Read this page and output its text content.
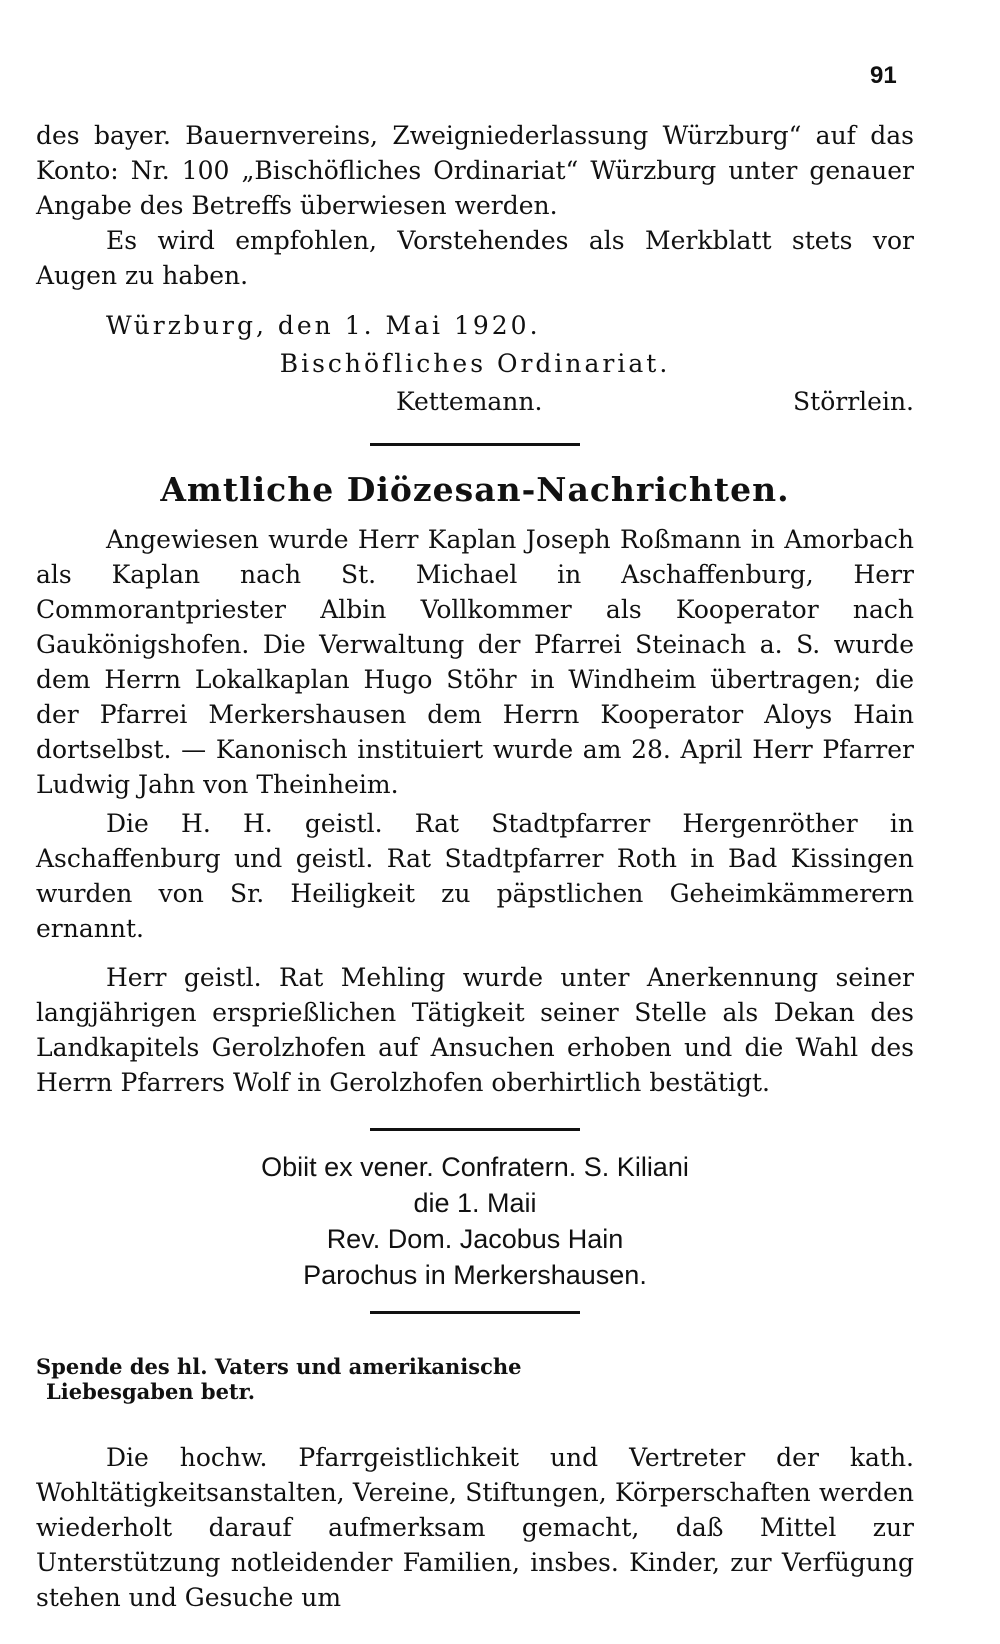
91

des bayer. Bauernvereins, Zweigniederlassung Würzburg“ auf das Konto: Nr. 100 „Bischöfliches Ordinariat“ Würzburg unter genauer Angabe des Betreffs überwiesen werden.

Es wird empfohlen, Vorstehendes als Merkblatt stets vor Augen zu haben.

Würzburg, den 1. Mai 1920.
Bischöfliches Ordinariat.
Kettemann.	Störrlein.
Amtliche Diözesan-Nachrichten.

Angewiesen wurde Herr Kaplan Joseph Roßmann in Amorbach als Kaplan nach St. Michael in Aschaffenburg, Herr Commorantpriester Albin Vollkommer als Kooperator nach Gaukönigshofen. Die Verwaltung der Pfarrei Steinach a. S. wurde dem Herrn Lokalkaplan Hugo Stöhr in Windheim übertragen; die der Pfarrei Merkershausen dem Herrn Kooperator Aloys Hain dortselbst. — Kanonisch instituiert wurde am 28. April Herr Pfarrer Ludwig Jahn von Theinheim.

Die H. H. geistl. Rat Stadtpfarrer Hergenröther in Aschaffenburg und geistl. Rat Stadtpfarrer Roth in Bad Kissingen wurden von Sr. Heiligkeit zu päpstlichen Geheimkämmerern ernannt.

Herr geistl. Rat Mehling wurde unter Anerkennung seiner langjährigen ersprießlichen Tätigkeit seiner Stelle als Dekan des Landkapitels Gerolzhofen auf Ansuchen erhoben und die Wahl des Herrn Pfarrers Wolf in Gerolzhofen oberhirtlich bestätigt.

Obiit ex vener. Confratern. S. Kiliani
die 1. Maii
Rev. Dom. Jacobus Hain
Parochus in Merkershausen.
Spende des hl. Vaters und amerikanische
Liebesgaben betr.

Die hochw. Pfarrgeistlichkeit und Vertreter der kath. Wohltätigkeitsanstalten, Vereine, Stiftungen, Körperschaften werden wiederholt darauf aufmerksam gemacht, daß Mittel zur Unterstützung notleidender Familien, insbes. Kinder, zur Verfügung stehen und Gesuche um
